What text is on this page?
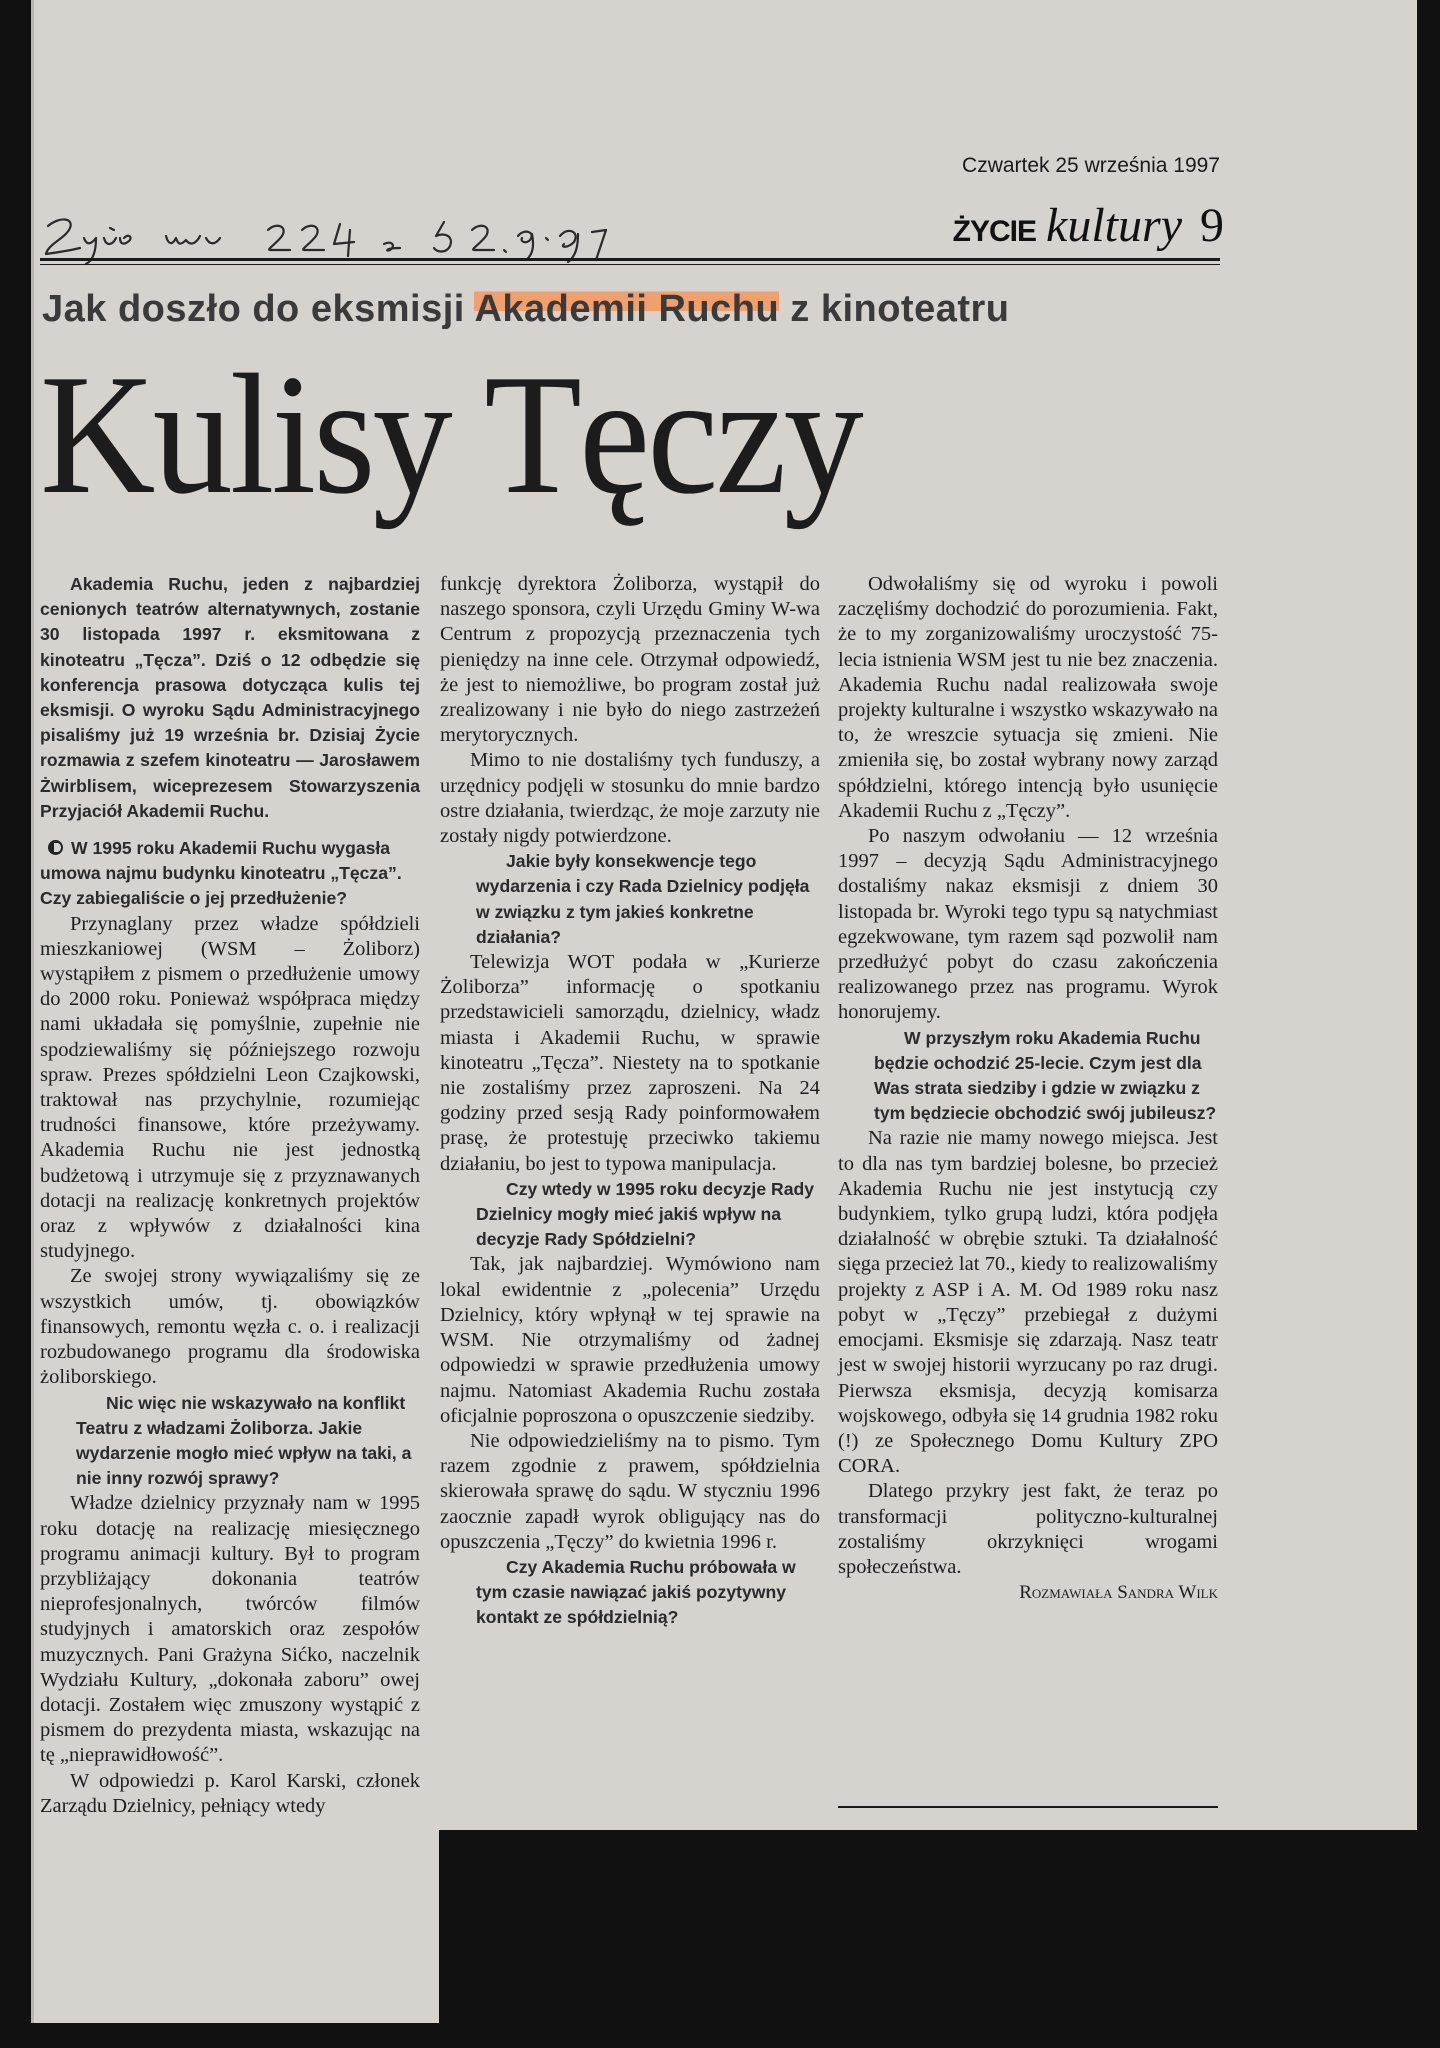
Czwartek 25 września 1997
ŻYCIE kultury 9
Jak doszło do eksmisji Akademii Ruchu z kinoteatru
Kulisy Tęczy

Akademia Ruchu, jeden z najbardziej cenionych teatrów alternatywnych, zostanie 30 listopada 1997 r. eksmitowana z kinoteatru „Tęcza”. Dziś o 12 odbędzie się konferencja prasowa dotycząca kulis tej eksmisji. O wyroku Sądu Administracyjnego pisaliśmy już 19 września br. Dzisiaj Życie rozmawia z szefem kinoteatru — Jarosławem Żwirblisem, wiceprezesem Stowarzyszenia Przyjaciół Akademii Ruchu.

W 1995 roku Akademii Ruchu wygasła umowa najmu budynku kinoteatru „Tęcza”. Czy zabiegaliście o jej przedłużenie?

Przynaglany przez władze spółdzieli mieszkaniowej (WSM – Żoliborz) wystąpiłem z pismem o przedłużenie umowy do 2000 roku. Ponieważ współpraca między nami układała się pomyślnie, zupełnie nie spodziewaliśmy się późniejszego rozwoju spraw. Prezes spółdzielni Leon Czajkowski, traktował nas przychylnie, rozumiejąc trudności finansowe, które przeżywamy. Akademia Ruchu nie jest jednostką budżetową i utrzymuje się z przyznawanych dotacji na realizację konkretnych projektów oraz z wpływów z działalności kina studyjnego.

Ze swojej strony wywiązaliśmy się ze wszystkich umów, tj. obowiązków finansowych, remontu węzła c. o. i realizacji rozbudowanego programu dla środowiska żoliborskiego.

Nic więc nie wskazywało na konflikt Teatru z władzami Żoliborza. Jakie wydarzenie mogło mieć wpływ na taki, a nie inny rozwój sprawy?

Władze dzielnicy przyznały nam w 1995 roku dotację na realizację miesięcznego programu animacji kultury. Był to program przybliżający dokonania teatrów nieprofesjonalnych, twórców filmów studyjnych i amatorskich oraz zespołów muzycznych. Pani Grażyna Sićko, naczelnik Wydziału Kultury, „dokonała zaboru” owej dotacji. Zostałem więc zmuszony wystąpić z pismem do prezydenta miasta, wskazując na tę „nieprawidłowość”.

W odpowiedzi p. Karol Karski, członek Zarządu Dzielnicy, pełniący wtedy

funkcję dyrektora Żoliborza, wystąpił do naszego sponsora, czyli Urzędu Gminy W-wa Centrum z propozycją przeznaczenia tych pieniędzy na inne cele. Otrzymał odpowiedź, że jest to niemożliwe, bo program został już zrealizowany i nie było do niego zastrzeżeń merytorycznych.

Mimo to nie dostaliśmy tych funduszy, a urzędnicy podjęli w stosunku do mnie bardzo ostre działania, twierdząc, że moje zarzuty nie zostały nigdy potwierdzone.

Jakie były konsekwencje tego wydarzenia i czy Rada Dzielnicy podjęła w związku z tym jakieś konkretne działania?

Telewizja WOT podała w „Kurierze Żoliborza” informację o spotkaniu przedstawicieli samorządu, dzielnicy, władz miasta i Akademii Ruchu, w sprawie kinoteatru „Tęcza”. Niestety na to spotkanie nie zostaliśmy przez zaproszeni. Na 24 godziny przed sesją Rady poinformowałem prasę, że protestuję przeciwko takiemu działaniu, bo jest to typowa manipulacja.

Czy wtedy w 1995 roku decyzje Rady Dzielnicy mogły mieć jakiś wpływ na decyzje Rady Spółdzielni?

Tak, jak najbardziej. Wymówiono nam lokal ewidentnie z „polecenia” Urzędu Dzielnicy, który wpłynął w tej sprawie na WSM. Nie otrzymaliśmy od żadnej odpowiedzi w sprawie przedłużenia umowy najmu. Natomiast Akademia Ruchu została oficjalnie poproszona o opuszczenie siedziby.

Nie odpowiedzieliśmy na to pismo. Tym razem zgodnie z prawem, spółdzielnia skierowała sprawę do sądu. W styczniu 1996 zaocznie zapadł wyrok obligujący nas do opuszczenia „Tęczy” do kwietnia 1996 r.

Czy Akademia Ruchu próbowała w tym czasie nawiązać jakiś pozytywny kontakt ze spółdzielnią?

Odwołaliśmy się od wyroku i powoli zaczęliśmy dochodzić do porozumienia. Fakt, że to my zorganizowaliśmy uroczystość 75-lecia istnienia WSM jest tu nie bez znaczenia. Akademia Ruchu nadal realizowała swoje projekty kulturalne i wszystko wskazywało na to, że wreszcie sytuacja się zmieni. Nie zmieniła się, bo został wybrany nowy zarząd spółdzielni, którego intencją było usunięcie Akademii Ruchu z „Tęczy”.

Po naszym odwołaniu — 12 września 1997 – decyzją Sądu Administracyjnego dostaliśmy nakaz eksmisji z dniem 30 listopada br. Wyroki tego typu są natychmiast egzekwowane, tym razem sąd pozwolił nam przedłużyć pobyt do czasu zakończenia realizowanego przez nas programu. Wyrok honorujemy.

W przyszłym roku Akademia Ruchu będzie ochodzić 25-lecie. Czym jest dla Was strata siedziby i gdzie w związku z tym będziecie obchodzić swój jubileusz?

Na razie nie mamy nowego miejsca. Jest to dla nas tym bardziej bolesne, bo przecież Akademia Ruchu nie jest instytucją czy budynkiem, tylko grupą ludzi, która podjęła działalność w obrębie sztuki. Ta działalność sięga przecież lat 70., kiedy to realizowaliśmy projekty z ASP i A. M. Od 1989 roku nasz pobyt w „Tęczy” przebiegał z dużymi emocjami. Eksmisje się zdarzają. Nasz teatr jest w swojej historii wyrzucany po raz drugi. Pierwsza eksmisja, decyzją komisarza wojskowego, odbyła się 14 grudnia 1982 roku (!) ze Społecznego Domu Kultury ZPO CORA.

Dlatego przykry jest fakt, że teraz po transformacji polityczno-kulturalnej zostaliśmy okrzyknięci wrogami społeczeństwa.

Rozmawiała Sandra Wilk
